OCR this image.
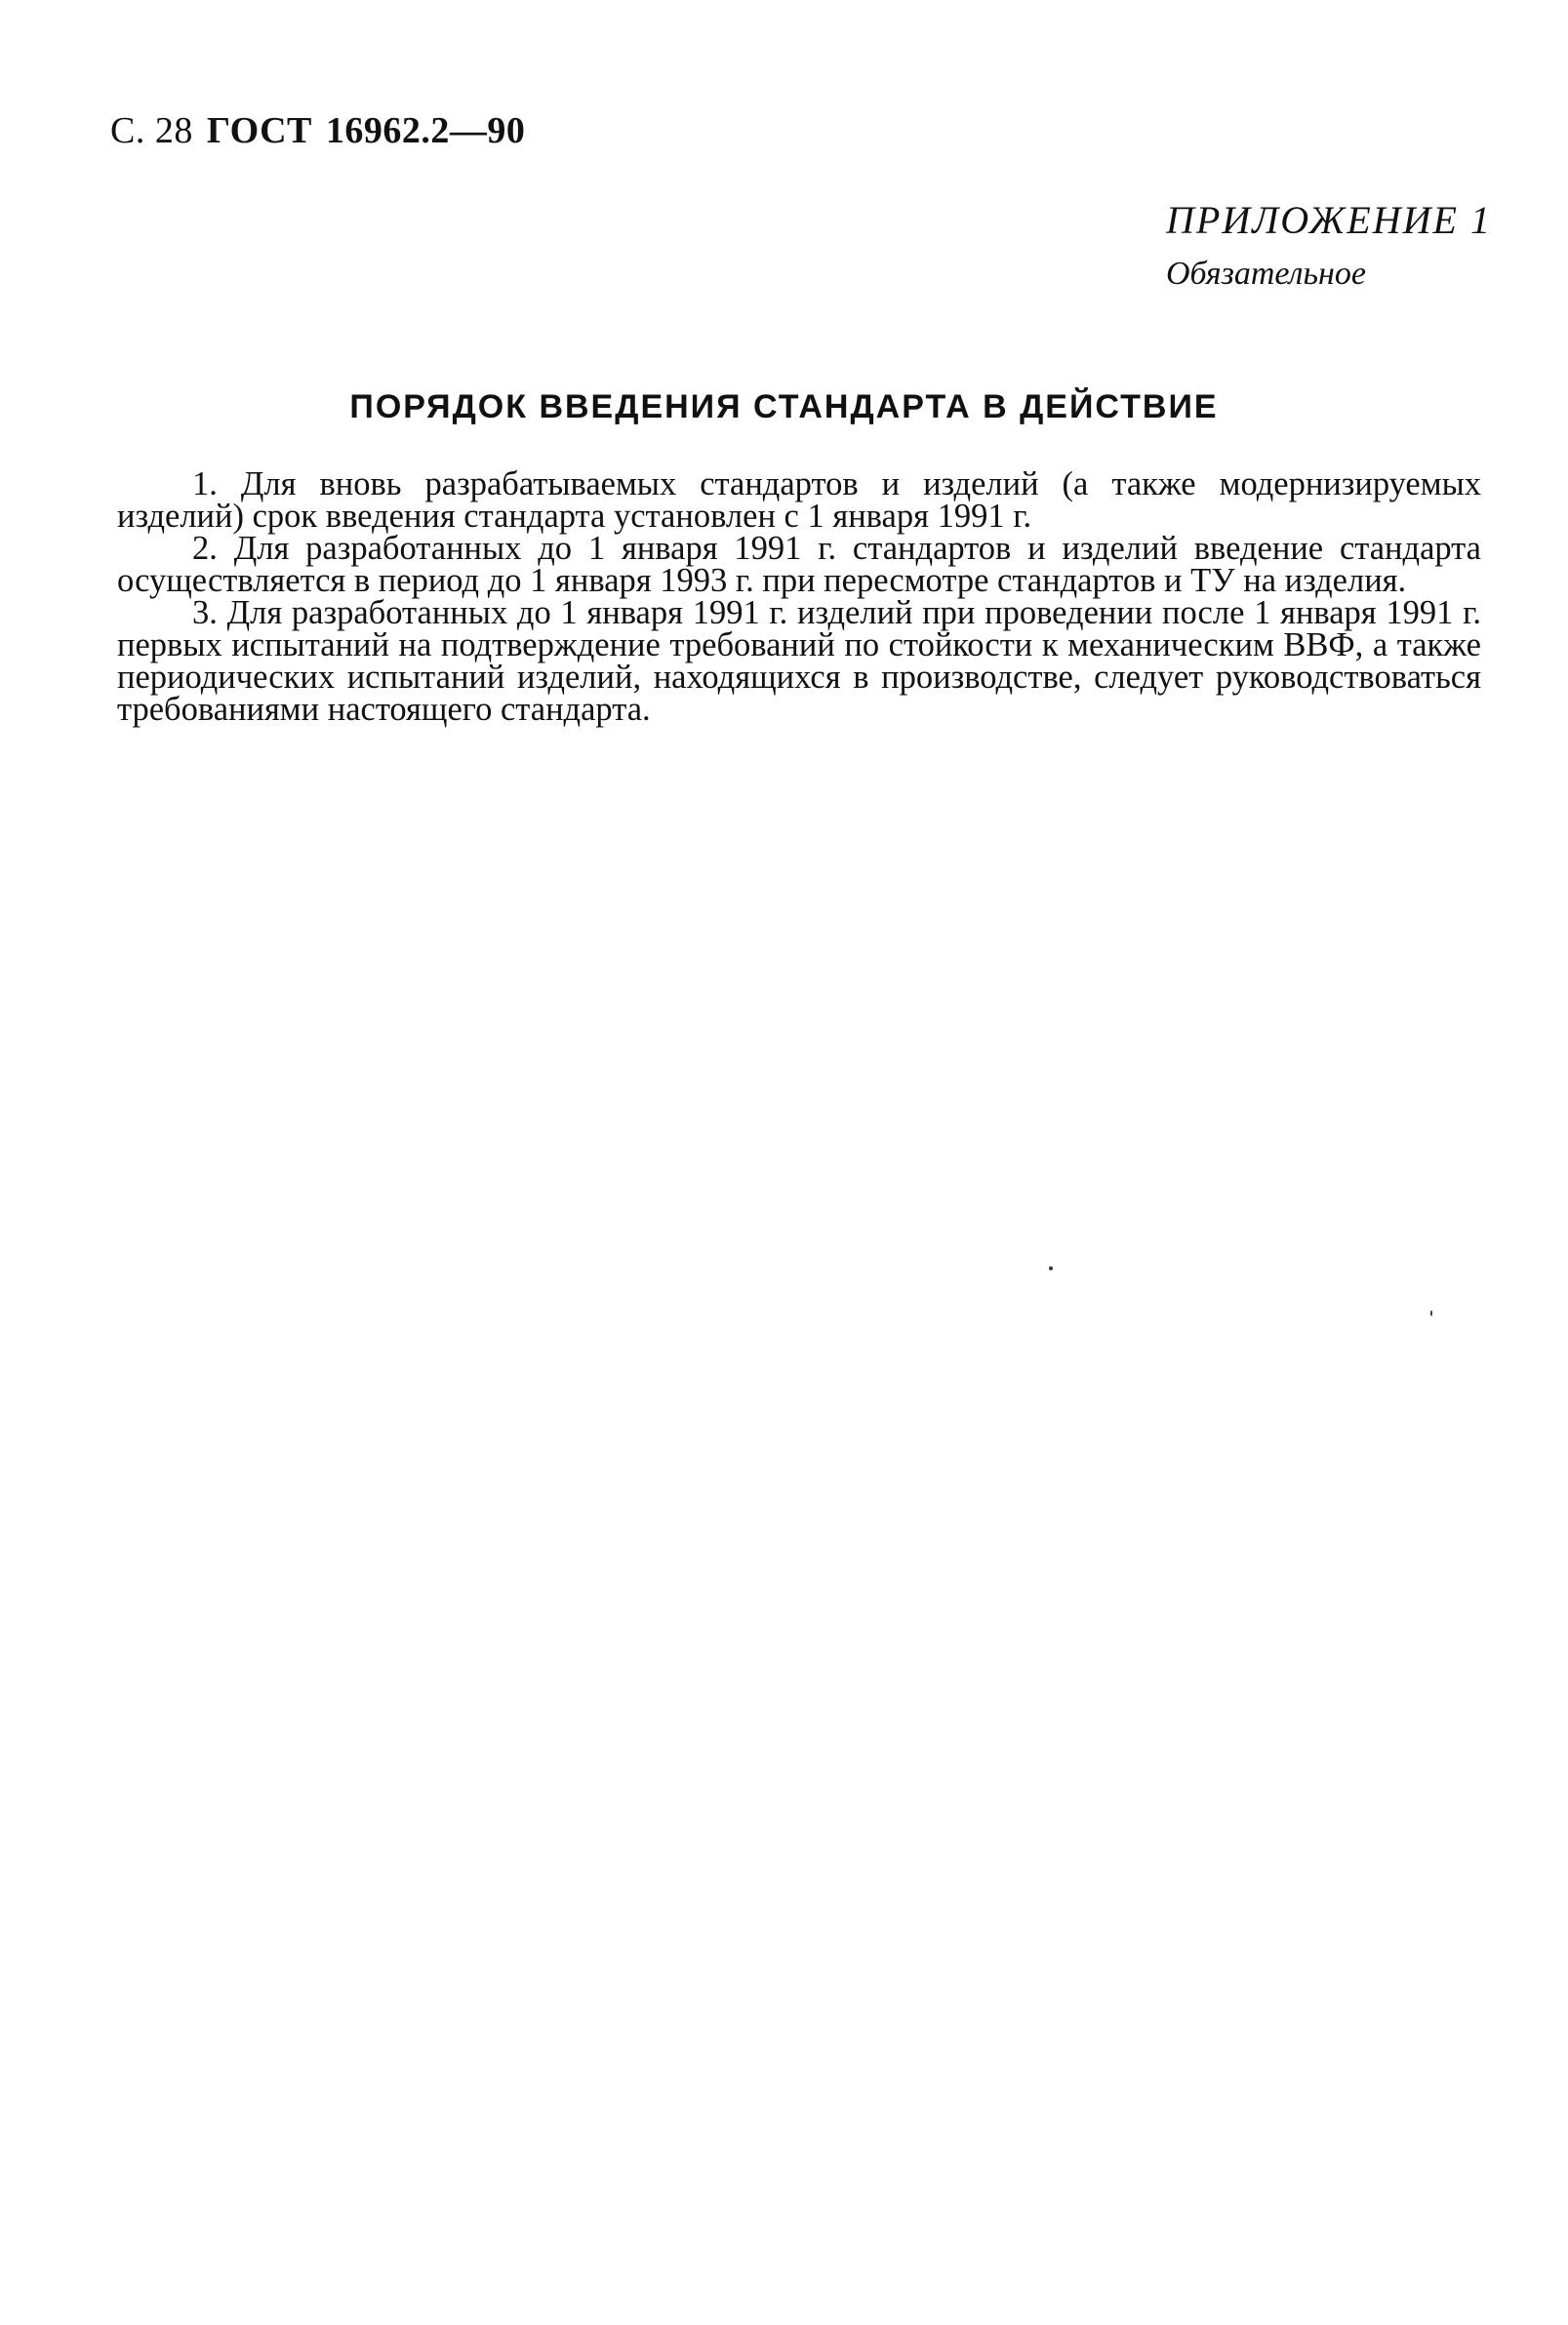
С. 28 ГОСТ 16962.2—90
ПРИЛОЖЕНИЕ 1
Обязательное
ПОРЯДОК ВВЕДЕНИЯ СТАНДАРТА В ДЕЙСТВИЕ

1. Для вновь разрабатываемых стандартов и изделий (а также модернизируемых изделий) срок введения стандарта установлен с 1 января 1991 г.

2. Для разработанных до 1 января 1991 г. стандартов и изделий введение стандарта осуществляется в период до 1 января 1993 г. при пересмотре стандартов и ТУ на изделия.

3. Для разработанных до 1 января 1991 г. изделий при проведении после 1 января 1991 г. первых испытаний на подтверждение требований по стойкости к механическим ВВФ, а также периодических испытаний изделий, находящихся в производстве, следует руководствоваться требованиями настоящего стандарта.
